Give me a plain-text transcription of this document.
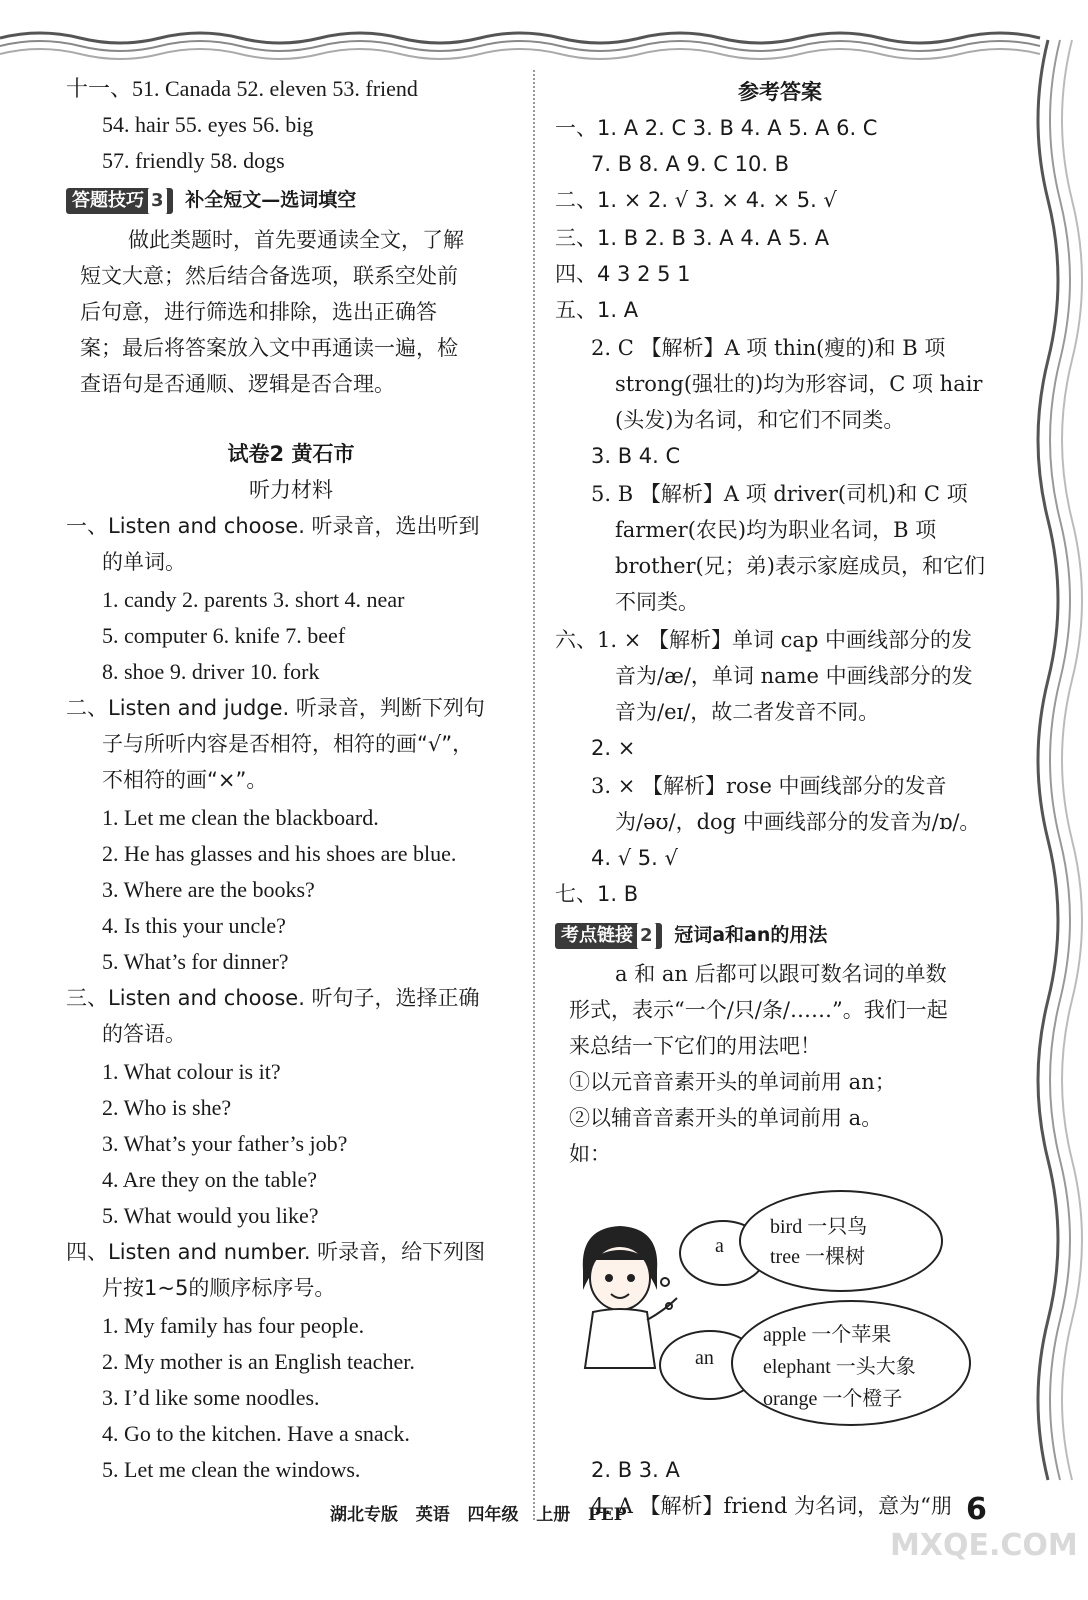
十一、51. Canada 52. eleven 53. friend
54. hair 55. eyes 56. big
57. friendly 58. dogs
答题技巧 3 补全短文—选词填空
做此类题时，首先要通读全文，了解
短文大意；然后结合备选项，联系空处前
后句意，进行筛选和排除，选出正确答
案；最后将答案放入文中再通读一遍，检
查语句是否通顺、逻辑是否合理。
试卷2 黄石市
听力材料
一、Listen and choose. 听录音，选出听到
的单词。
1. candy 2. parents 3. short 4. near
5. computer 6. knife 7. beef
8. shoe 9. driver 10. fork
二、Listen and judge. 听录音，判断下列句
子与所听内容是否相符，相符的画“√”，
不相符的画“×”。
1. Let me clean the blackboard.
2. He has glasses and his shoes are blue.
3. Where are the books?
4. Is this your uncle?
5. What’s for dinner?
三、Listen and choose. 听句子，选择正确
的答语。
1. What colour is it?
2. Who is she?
3. What’s your father’s job?
4. Are they on the table?
5. What would you like?
四、Listen and number. 听录音，给下列图
片按1~5的顺序标序号。
1. My family has four people.
2. My mother is an English teacher.
3. I’d like some noodles.
4. Go to the kitchen. Have a snack.
5. Let me clean the windows.
参考答案
一、1. A 2. C 3. B 4. A 5. A 6. C
7. B 8. A 9. C 10. B
二、1. × 2. √ 3. × 4. × 5. √
三、1. B 2. B 3. A 4. A 5. A
四、4 3 2 5 1
五、1. A
2. C 【解析】A 项 thin(瘦的)和 B 项
strong(强壮的)均为形容词，C 项 hair
(头发)为名词，和它们不同类。
3. B 4. C
5. B 【解析】A 项 driver(司机)和 C 项
farmer(农民)均为职业名词，B 项
brother(兄；弟)表示家庭成员，和它们
不同类。
六、1. × 【解析】单词 cap 中画线部分的发
音为/æ/，单词 name 中画线部分的发
音为/eɪ/，故二者发音不同。
2. ×
3. × 【解析】rose 中画线部分的发音
为/əʊ/，dog 中画线部分的发音为/ɒ/。
4. √ 5. √
七、1. B
考点链接 2 冠词a和an的用法
a 和 an 后都可以跟可数名词的单数
形式，表示“一个/只/条/……”。我们一起
来总结一下它们的用法吧！
①以元音音素开头的单词前用 an；
②以辅音音素开头的单词前用 a。
如：
a
bird 一只鸟
tree 一棵树
an
apple 一个苹果
elephant 一头大象
orange 一个橙子
2. B 3. A
4. A 【解析】friend 为名词，意为“朋
湖北专版   英语   四年级   上册   PEP	6
MXQE.COM
